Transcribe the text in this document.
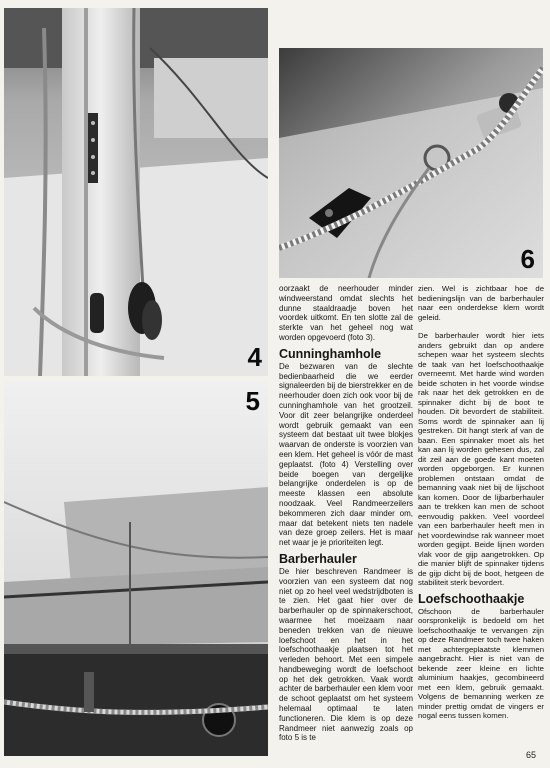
4
6
5

oorzaakt de neerhouder minder windweerstand omdat slechts het dunne staaldraadje boven het voordek uitkomt. En ten slotte zal de sterkte van het geheel nog wat worden opgevoerd (foto 3).

Cunninghamhole

De bezwaren van de slechte bedienbaarheid die we eerder signaleerden bij de bierstrekker en de neerhouder doen zich ook voor bij de cunninghamhole van het grootzeil. Voor dit zeer belangrijke onderdeel wordt gebruik gemaakt van een systeem dat bestaat uit twee blokjes waarvan de onderste is voorzien van een klem. Het geheel is vóór de mast geplaatst. (foto 4) Verstelling over beide boegen van dergelijke belangrijke onderdelen is op de meeste klassen een absolute noodzaak. Veel Randmeerzeilers bekommeren zich daar minder om, maar dat betekent niets ten nadele van deze groep zeilers. Het is maar net waar je je prioriteiten legt.

Barberhauler

De hier beschreven Randmeer is voorzien van een systeem dat nog niet op zo heel veel wedstrijdboten is te zien. Het gaat hier over de barberhauler op de spinnakerschoot, waarmee het moeizaam naar beneden trekken van de nieuwe loefschoot en het in het loefschoothaakje plaatsen tot het verleden behoort. Met een simpele handbeweging wordt de loefschoot op het dek getrokken. Vaak wordt achter de barberhauler een klem voor de schoot geplaatst om het systeem helemaal optimaal te laten functioneren. Die klem is op deze Randmeer niet aanwezig zoals op foto 5 is te

zien. Wel is zichtbaar hoe de bedieningslijn van de barberhauler naar een onderdekse klem wordt geleid.

De barberhauler wordt hier iets anders gebruikt dan op andere schepen waar het systeem slechts de taak van het loefschoothaakje overneemt. Met harde wind worden beide schoten in het voorde windse rak naar het dek getrokken en de spinnaker dicht bij de boot te houden. Dit bevordert de stabiliteit. Soms wordt de spinnaker aan lij gestreken. Dit hangt sterk af van de baan. Een spinnaker moet als het kan aan lij worden gehesen dus, zal dit zeil aan de goede kant moeten worden opgeborgen. Er kunnen problemen ontstaan omdat de bemanning vaak niet bij de lijschoot kan komen. Door de lijbarberhauler aan te trekken kan men de schoot eenvoudig pakken. Veel voordeel van een barberhauler heeft men in het voordewindse rak wanneer moet worden gegijpt. Beide lijnen worden vlak voor de gijp aangetrokken. Op die manier blijft de spinnaker tijdens de gijp dicht bij de boot, hetgeen de stabiliteit sterk bevordert.

Loefschoothaakje

Ofschoon de barberhauler oorspronkelijk is bedoeld om het loefschoothaakje te vervangen zijn op deze Randmeer toch twee haken met achtergeplaatste klemmen aangebracht. Hier is niet van de bekende zeer kleine en lichte aluminium haakjes, gecombineerd met een klem, gebruik gemaakt. Volgens de bemanning werken ze minder prettig omdat de vingers er nogal eens tussen komen.

65
